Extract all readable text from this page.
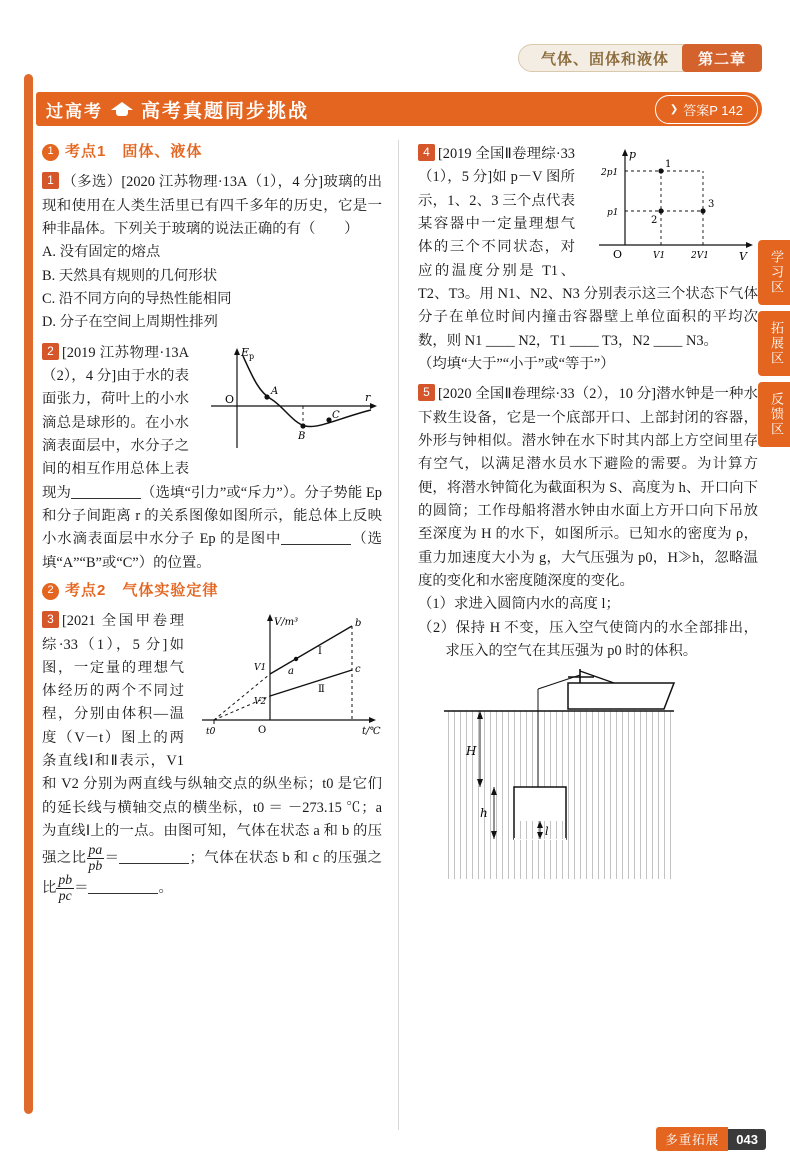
气体、固体和液体	第二章
过高考 高考真题同步挑战	❯ 答案P 142
1 考点1 固体、液体
1 （多选）[2020 江苏物理·13A（1），4 分]玻璃的出现和使用在人类生活里已有四千多年的历史，它是一种非晶体。下列关于玻璃的说法正确的有（　　）
A. 没有固定的熔点
B. 天然具有规则的几何形状
C. 沿不同方向的导热性能相同
D. 分子在空间上周期性排列
E p
r
O
A
B
C
2 [2019 江苏物理·13A（2），4 分]由于水的表面张力，荷叶上的小水滴总是球形的。在小水滴表面层中，水分子之间的相互作用总体上表现为	（选填“引力”或“斥力”）。分子势能 Ep 和分子间距离 r 的关系图像如图所示，能总体上反映小水滴表面层中水分子 Ep 的是图中	（选填“A”“B”或“C”）的位置。
2 考点2 气体实验定律
V/m³
t/℃
O
t0
V1
V2
b
c
a
Ⅰ
Ⅱ
3 [2021 全国甲卷理综·33（1），5 分]如图，一定量的理想气体经历的两个不同过程，分别由体积—温度（V－t）图上的两条直线Ⅰ和Ⅱ表示，V1 和 V2 分别为两直线与纵轴交点的纵坐标；t0 是它们的延长线与横轴交点的横坐标，t0 ＝ －273.15 ℃；a 为直线Ⅰ上的一点。由图可知，气体在状态 a 和 b 的压强之比 $\frac{pa}{pb}$ ＝	；气体在状态 b 和 c 的压强之比 $\frac{pb}{pc}$ ＝	。
p
V
O
1
2
3
2p1
p1
V1	2V1
4 [2019 全国Ⅱ卷理综·33（1），5 分]如 p－V 图所示，1、2、3 三个点代表某容器中一定量理想气体的三个不同状态，对应的温度分别是 T1、T2、T3。用 N1、N2、N3 分别表示这三个状态下气体分子在单位时间内撞击容器壁上单位面积的平均次数，则 N1 ____ N2，T1 ____ T3，N2 ____ N3。
（均填“大于”“小于”或“等于”）
5 [2020 全国Ⅱ卷理综·33（2），10 分]潜水钟是一种水下救生设备，它是一个底部开口、上部封闭的容器，外形与钟相似。潜水钟在水下时其内部上方空间里存有空气，以满足潜水员水下避险的需要。为计算方便，将潜水钟简化为截面积为 S、高度为 h、开口向下的圆筒；工作母船将潜水钟由水面上方开口向下吊放至深度为 H 的水下，如图所示。已知水的密度为 ρ，重力加速度大小为 g，大气压强为 p0，H≫h，忽略温度的变化和水密度随深度的变化。
（1）求进入圆筒内水的高度 l；
（2）保持 H 不变，压入空气使筒内的水全部排出，求压入的空气在其压强为 p0 时的体积。
H
h
l
学习区
拓展区
反馈区
多重拓展	043
